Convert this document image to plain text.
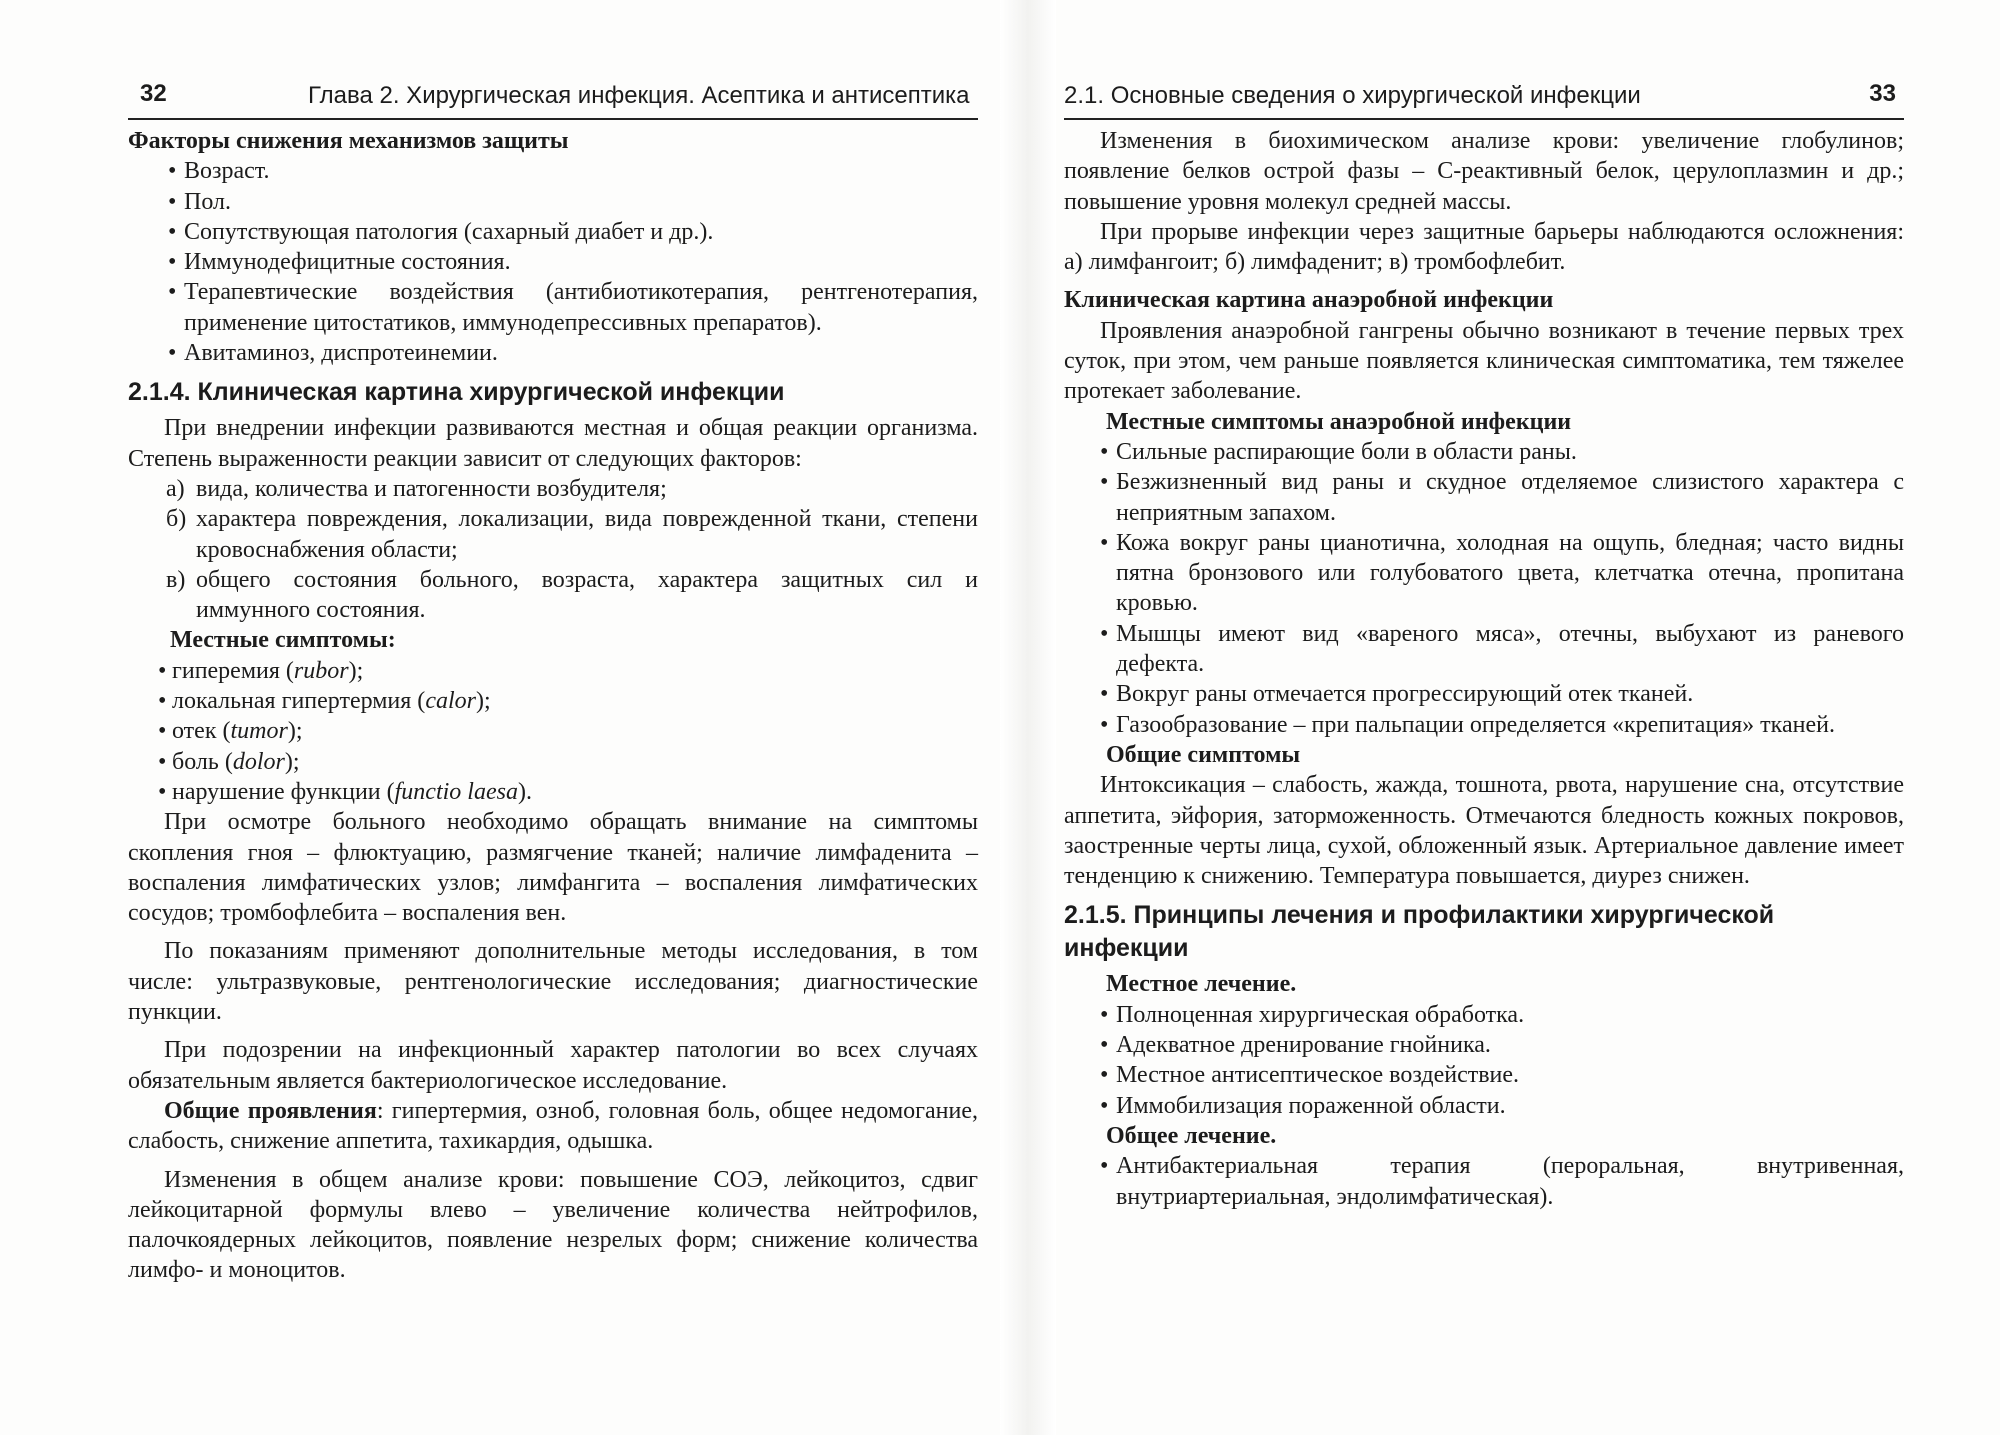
32	Глава 2. Хирургическая инфекция. Асептика и антисептика

Факторы снижения механизмов защиты

• Возраст.
• Пол.
• Сопутствующая патология (сахарный диабет и др.).
• Иммунодефицитные состояния.
• Терапевтические воздействия (антибиотикотерапия, рентгенотерапия, применение цитостатиков, иммунодепрессивных препаратов).
• Авитаминоз, диспротеинемии.
2.1.4. Клиническая картина хирургической инфекции

При внедрении инфекции развиваются местная и общая реакции организма. Степень выраженности реакции зависит от следующих факторов:

а) вида, количества и патогенности возбудителя;
б) характера повреждения, локализации, вида поврежденной ткани, степени кровоснабжения области;
в) общего состояния больного, возраста, характера защитных сил и иммунного состояния.

Местные симптомы:

• гиперемия (rubor);
• локальная гипертермия (calor);
• отек (tumor);
• боль (dolor);
• нарушение функции (functio laesa).

При осмотре больного необходимо обращать внимание на симптомы скопления гноя – флюктуацию, размягчение тканей; наличие лимфаденита – воспаления лимфатических узлов; лимфангита – воспаления лимфатических сосудов; тромбофлебита – воспаления вен.

По показаниям применяют дополнительные методы исследования, в том числе: ультразвуковые, рентгенологические исследования; диагностические пункции.

При подозрении на инфекционный характер патологии во всех случаях обязательным является бактериологическое исследование.

Общие проявления: гипертермия, озноб, головная боль, общее недомогание, слабость, снижение аппетита, тахикардия, одышка.

Изменения в общем анализе крови: повышение СОЭ, лейкоцитоз, сдвиг лейкоцитарной формулы влево – увеличение количества нейтрофилов, палочкоядерных лейкоцитов, появление незрелых форм; снижение количества лимфо- и моноцитов.

2.1. Основные сведения о хирургической инфекции	33

Изменения в биохимическом анализе крови: увеличение глобулинов; появление белков острой фазы – С-реактивный белок, церулоплазмин и др.; повышение уровня молекул средней массы.

При прорыве инфекции через защитные барьеры наблюдаются осложнения: а) лимфангоит; б) лимфаденит; в) тромбофлебит.

Клиническая картина анаэробной инфекции

Проявления анаэробной гангрены обычно возникают в течение первых трех суток, при этом, чем раньше появляется клиническая симптоматика, тем тяжелее протекает заболевание.

Местные симптомы анаэробной инфекции

• Сильные распирающие боли в области раны.
• Безжизненный вид раны и скудное отделяемое слизистого характера с неприятным запахом.
• Кожа вокруг раны цианотична, холодная на ощупь, бледная; часто видны пятна бронзового или голубоватого цвета, клетчатка отечна, пропитана кровью.
• Мышцы имеют вид «вареного мяса», отечны, выбухают из раневого дефекта.
• Вокруг раны отмечается прогрессирующий отек тканей.
• Газообразование – при пальпации определяется «крепитация» тканей.

Общие симптомы

Интоксикация – слабость, жажда, тошнота, рвота, нарушение сна, отсутствие аппетита, эйфория, заторможенность. Отмечаются бледность кожных покровов, заостренные черты лица, сухой, обложенный язык. Артериальное давление имеет тенденцию к снижению. Температура повышается, диурез снижен.

2.1.5. Принципы лечения и профилактики хирургической инфекции

Местное лечение.

• Полноценная хирургическая обработка.
• Адекватное дренирование гнойника.
• Местное антисептическое воздействие.
• Иммобилизация пораженной области.

Общее лечение.

• Антибактериальная терапия (пероральная, внутривенная, внутриартериальная, эндолимфатическая).
